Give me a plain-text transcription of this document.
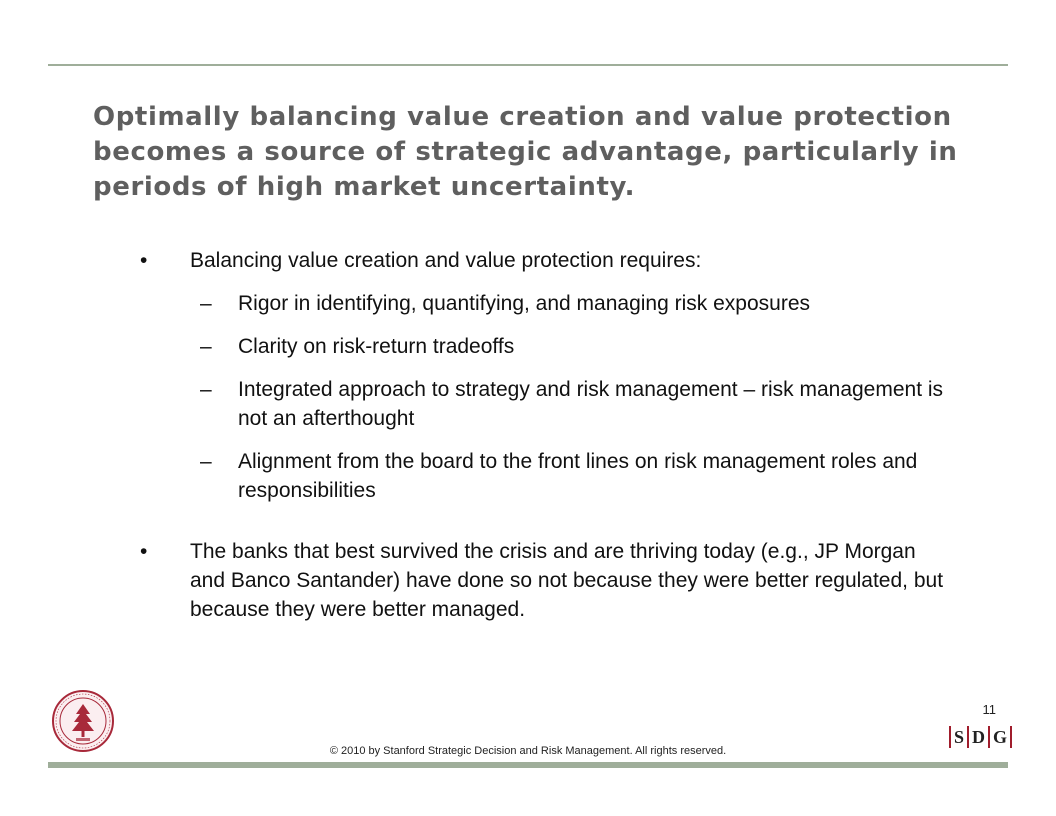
Optimally balancing value creation and value protection becomes a source of strategic advantage, particularly in periods of high market uncertainty.
• Balancing value creation and value protection requires:
– Rigor in identifying, quantifying, and managing risk exposures
– Clarity on risk-return tradeoffs
– Integrated approach to strategy and risk management – risk management is not an afterthought
– Alignment from the board to the front lines on risk management roles and responsibilities
• The banks that best survived the crisis and are thriving today (e.g., JP Morgan and Banco Santander) have done so not because they were better regulated, but because they were better managed.
11
S D G
© 2010 by Stanford Strategic Decision and Risk Management. All rights reserved.
